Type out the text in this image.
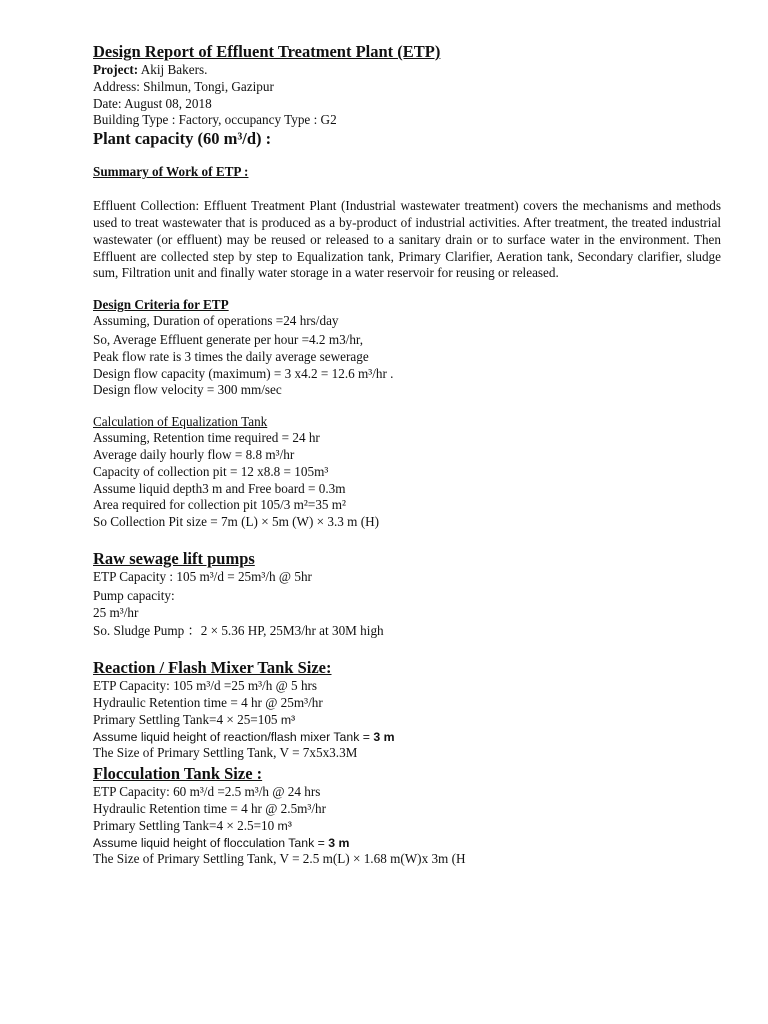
Design Report of Effluent Treatment Plant (ETP)
Project: Akij Bakers.
Address: Shilmun, Tongi, Gazipur
Date: August 08, 2018
Building Type : Factory, occupancy Type : G2
Plant capacity (60 m³/d) :
Summary of Work of ETP :
Effluent Collection: Effluent Treatment Plant (Industrial wastewater treatment) covers the mechanisms and methods used to treat wastewater that is produced as a by-product of industrial activities. After treatment, the treated industrial wastewater (or effluent) may be reused or released to a sanitary drain or to surface water in the environment. Then Effluent are collected step by step to Equalization tank, Primary Clarifier, Aeration tank, Secondary clarifier, sludge sum, Filtration unit and finally water storage in a water reservoir for reusing or released.
Design Criteria for ETP
Assuming, Duration of operations =24 hrs/day
So, Average Effluent generate per hour =4.2 m3/hr,
Peak flow rate is 3 times the daily average sewerage
Design flow capacity (maximum) = 3 x4.2 = 12.6 m³/hr .
Design flow velocity = 300 mm/sec
Calculation of Equalization Tank
Assuming, Retention time required = 24 hr
Average daily hourly flow = 8.8 m³/hr
Capacity of collection pit = 12 x8.8 = 105m³
Assume liquid depth3 m and Free board = 0.3m
Area required for collection pit 105/3 m²=35 m²
So Collection Pit size = 7m (L) × 5m (W) × 3.3 m (H)
Raw sewage lift pumps
ETP Capacity : 105 m³/d = 25m³/h @ 5hr
Pump capacity:
25 m³/hr
So. Sludge Pump ：2 × 5.36 HP, 25M3/hr at 30M high
Reaction / Flash Mixer Tank Size:
ETP Capacity: 105 m³/d =25 m³/h @ 5 hrs
Hydraulic Retention time = 4 hr @ 25m³/hr
Primary Settling Tank=4 × 25=105 m³
Assume liquid height of reaction/flash mixer Tank = 3 m
The Size of Primary Settling Tank, V = 7x5x3.3M
Flocculation Tank Size :
ETP Capacity: 60 m³/d =2.5 m³/h @ 24 hrs
Hydraulic Retention time = 4 hr @ 2.5m³/hr
Primary Settling Tank=4 × 2.5=10 m³
Assume liquid height of flocculation Tank = 3 m
The Size of Primary Settling Tank, V = 2.5 m(L) × 1.68 m(W)x 3m (H
